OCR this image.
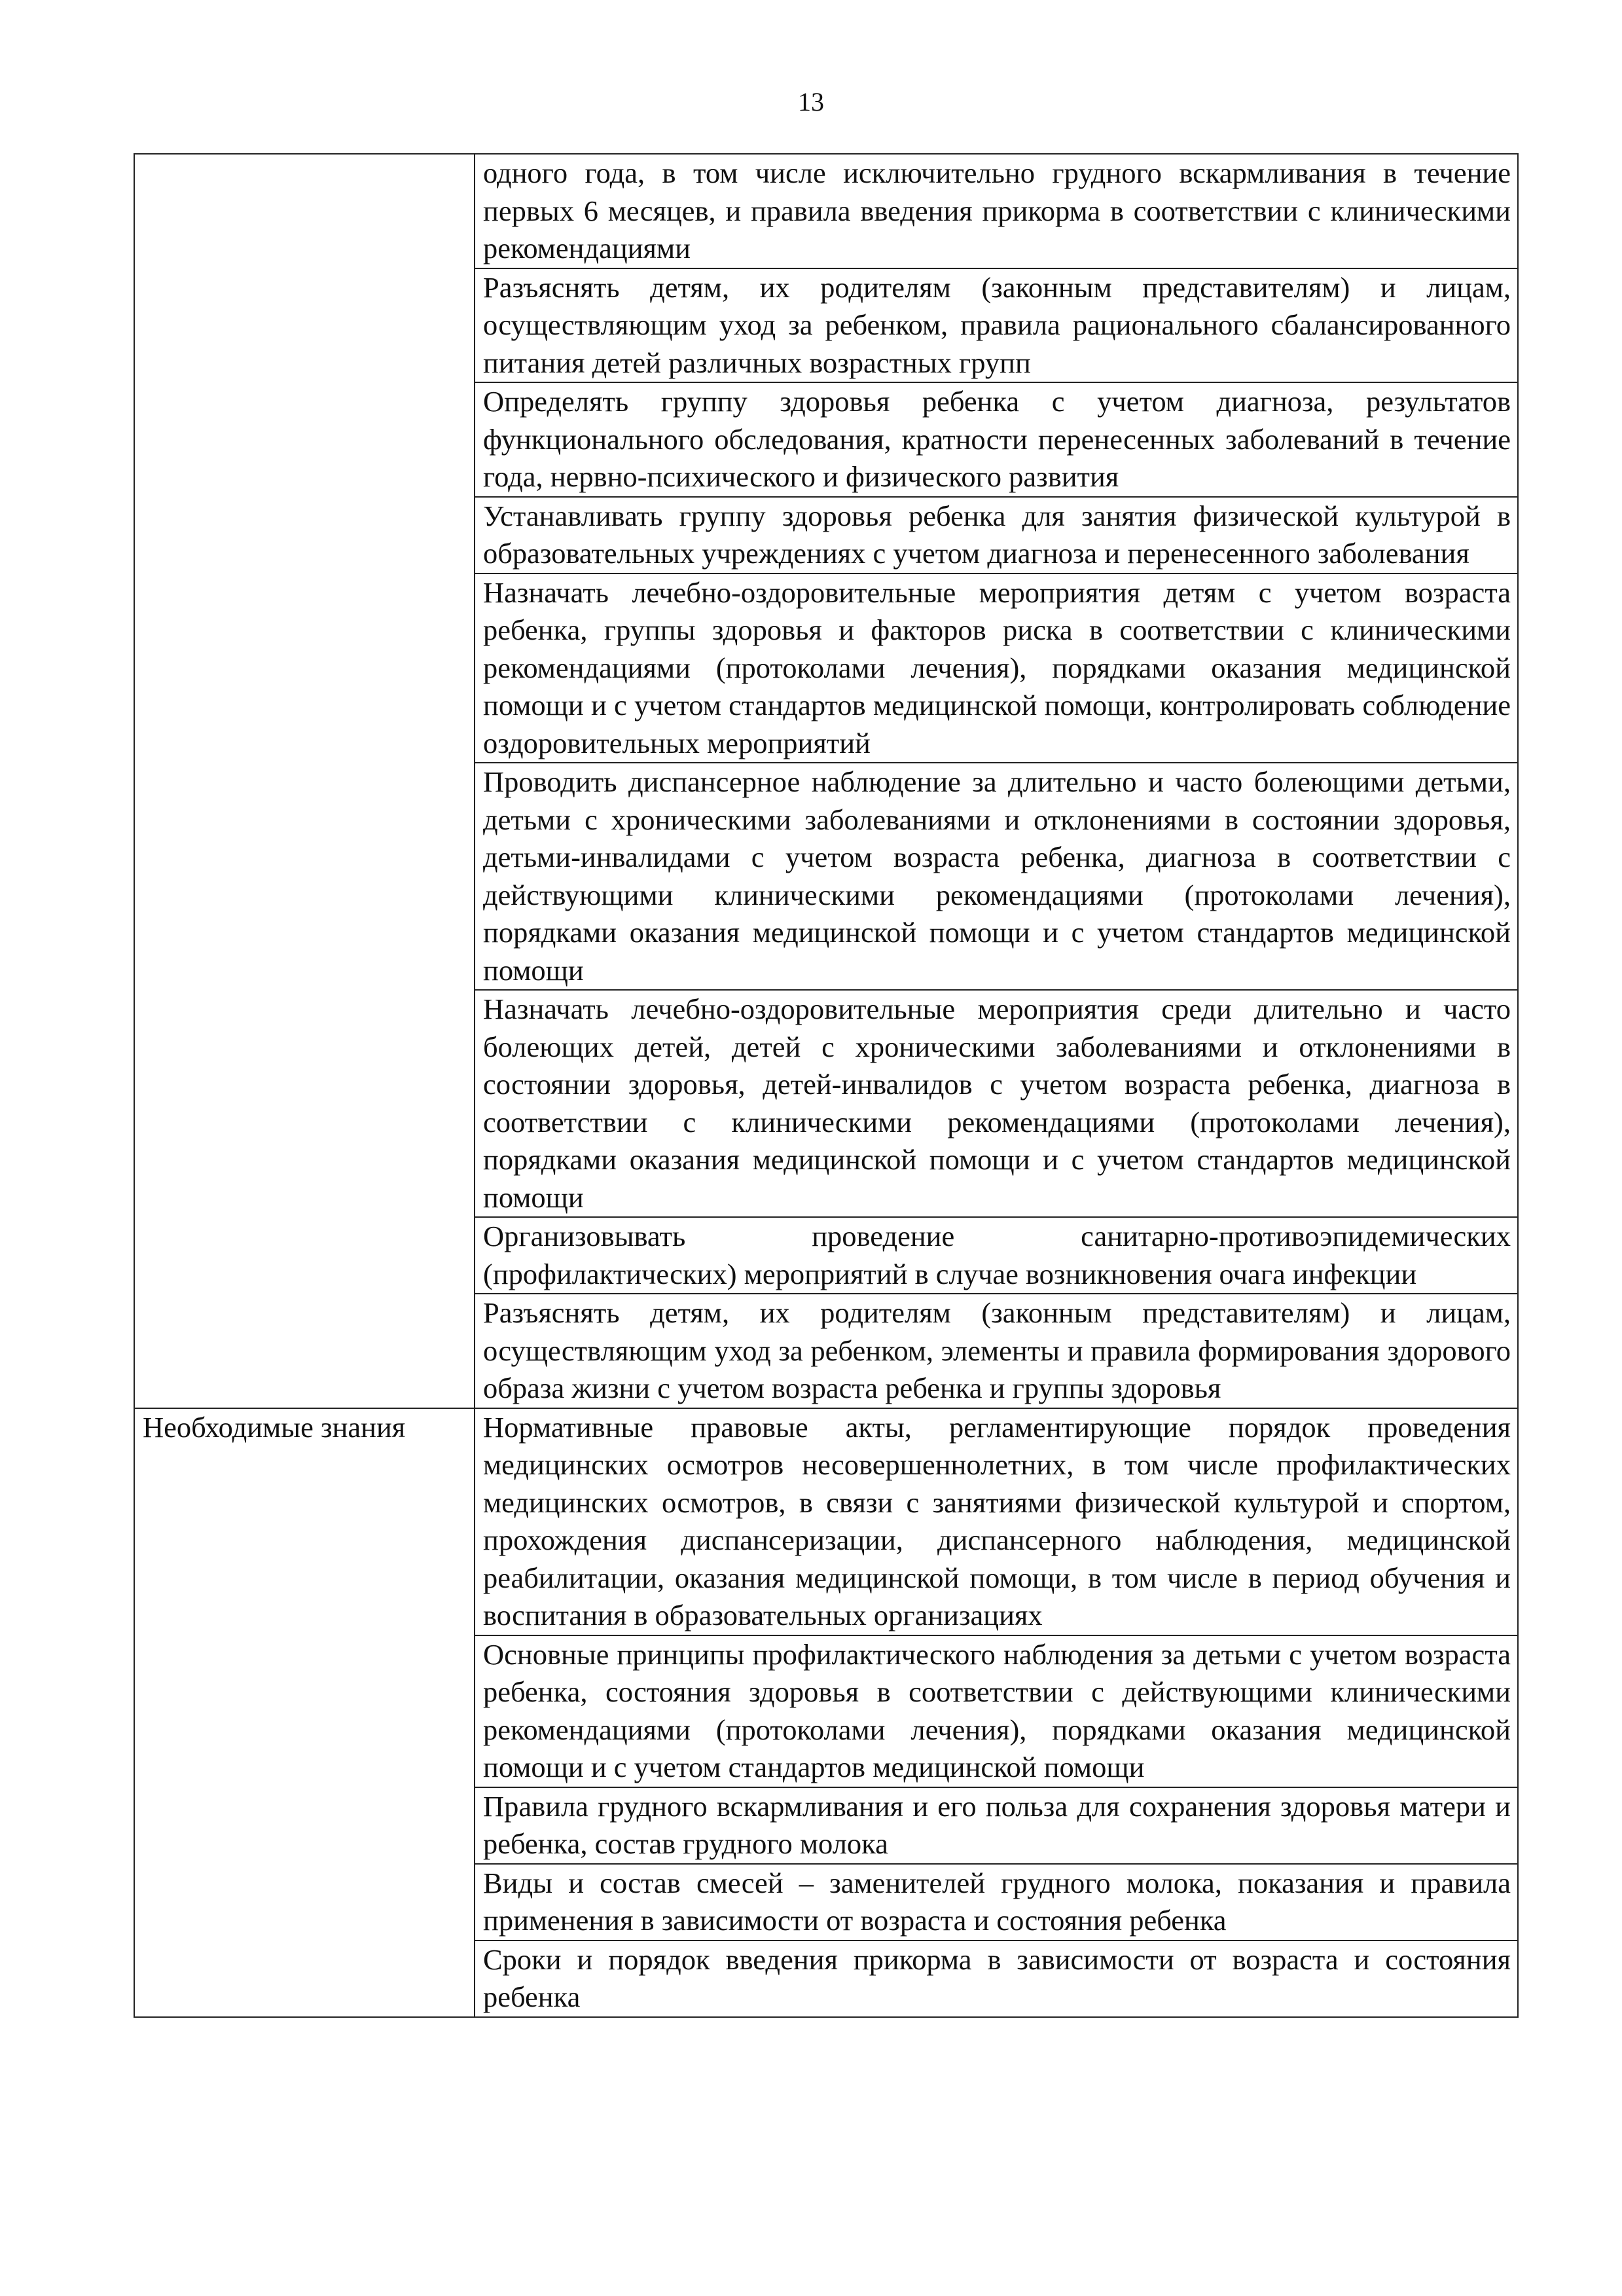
13

	одного года, в том числе исключительно грудного вскармливания в течение первых 6 месяцев, и правила введения прикорма в соответствии с клиническими рекомендациями

	Разъяснять детям, их родителям (законным представителям) и лицам, осуществляющим уход за ребенком, правила рационального сбалансированного питания детей различных возрастных групп

	Определять группу здоровья ребенка с учетом диагноза, результатов функционального обследования, кратности перенесенных заболеваний в течение года, нервно-психического и физического развития

	Устанавливать группу здоровья ребенка для занятия физической культурой в образовательных учреждениях с учетом диагноза и перенесенного заболевания

	Назначать лечебно-оздоровительные мероприятия детям с учетом возраста ребенка, группы здоровья и факторов риска в соответствии с клиническими рекомендациями (протоколами лечения), порядками оказания медицинской помощи и с учетом стандартов медицинской помощи, контролировать соблюдение оздоровительных мероприятий

	Проводить диспансерное наблюдение за длительно и часто болеющими детьми, детьми с хроническими заболеваниями и отклонениями в состоянии здоровья, детьми-инвалидами с учетом возраста ребенка, диагноза в соответствии с действующими клиническими рекомендациями (протоколами лечения), порядками оказания медицинской помощи и с учетом стандартов медицинской помощи

	Назначать лечебно-оздоровительные мероприятия среди длительно и часто болеющих детей, детей с хроническими заболеваниями и отклонениями в состоянии здоровья, детей-инвалидов с учетом возраста ребенка, диагноза в соответствии с клиническими рекомендациями (протоколами лечения), порядками оказания медицинской помощи и с учетом стандартов медицинской помощи

	Организовывать проведение санитарно-противоэпидемических (профилактических) мероприятий в случае возникновения очага инфекции

	Разъяснять детям, их родителям (законным представителям) и лицам, осуществляющим уход за ребенком, элементы и правила формирования здорового образа жизни с учетом возраста ребенка и группы здоровья

Необходимые знания	Нормативные правовые акты, регламентирующие порядок проведения медицинских осмотров несовершеннолетних, в том числе профилактических медицинских осмотров, в связи с занятиями физической культурой и спортом, прохождения диспансеризации, диспансерного наблюдения, медицинской реабилитации, оказания медицинской помощи, в том числе в период обучения и воспитания в образовательных организациях

	Основные принципы профилактического наблюдения за детьми с учетом возраста ребенка, состояния здоровья в соответствии с действующими клиническими рекомендациями (протоколами лечения), порядками оказания медицинской помощи и с учетом стандартов медицинской помощи

	Правила грудного вскармливания и его польза для сохранения здоровья матери и ребенка, состав грудного молока

	Виды и состав смесей – заменителей грудного молока, показания и правила применения в зависимости от возраста и состояния ребенка

	Сроки и порядок введения прикорма в зависимости от возраста и состояния ребенка
